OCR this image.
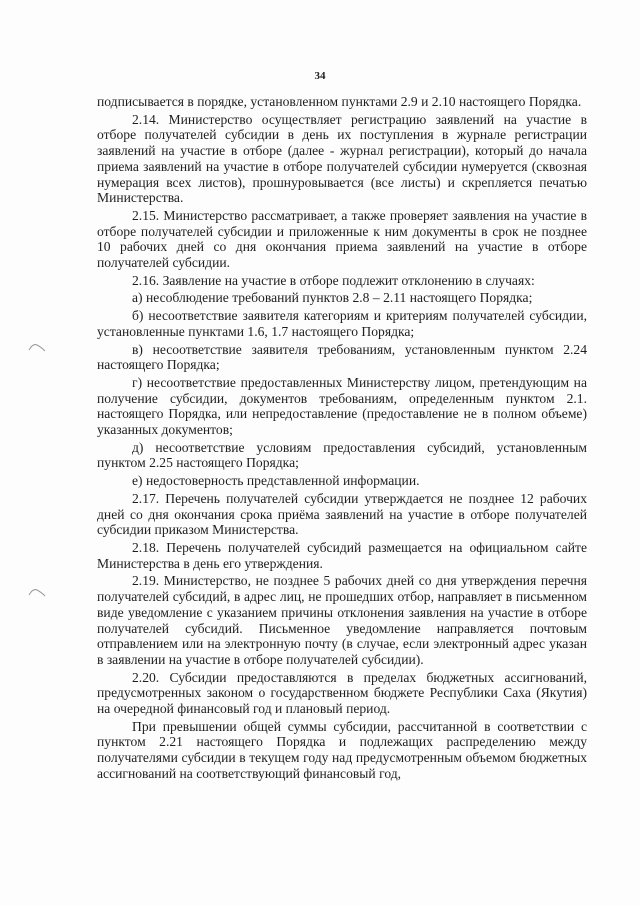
34

подписывается в порядке, установленном пунктами 2.9 и 2.10 настоящего Порядка.

2.14. Министерство осуществляет регистрацию заявлений на участие в отборе получателей субсидии в день их поступления в журнале регистрации заявлений на участие в отборе (далее - журнал регистрации), который до начала приема заявлений на участие в отборе получателей субсидии нумеруется (сквозная нумерация всех листов), прошнуровывается (все листы) и скрепляется печатью Министерства.

2.15. Министерство рассматривает, а также проверяет заявления на участие в отборе получателей субсидии и приложенные к ним документы в срок не позднее 10 рабочих дней со дня окончания приема заявлений на участие в отборе получателей субсидии.

2.16. Заявление на участие в отборе подлежит отклонению в случаях:

а) несоблюдение требований пунктов 2.8 – 2.11 настоящего Порядка;

б) несоответствие заявителя категориям и критериям получателей субсидии, установленные пунктами 1.6, 1.7 настоящего Порядка;

в) несоответствие заявителя требованиям, установленным пунктом 2.24 настоящего Порядка;

г) несоответствие предоставленных Министерству лицом, претендующим на получение субсидии, документов требованиям, определенным пунктом 2.1. настоящего Порядка, или непредоставление (предоставление не в полном объеме) указанных документов;

д) несоответствие условиям предоставления субсидий, установленным пунктом 2.25 настоящего Порядка;

е) недостоверность представленной информации.

2.17. Перечень получателей субсидии утверждается не позднее 12 рабочих дней со дня окончания срока приёма заявлений на участие в отборе получателей субсидии приказом Министерства.

2.18. Перечень получателей субсидий размещается на официальном сайте Министерства в день его утверждения.

2.19. Министерство, не позднее 5 рабочих дней со дня утверждения перечня получателей субсидий, в адрес лиц, не прошедших отбор, направляет в письменном виде уведомление с указанием причины отклонения заявления на участие в отборе получателей субсидий. Письменное уведомление направляется почтовым отправлением или на электронную почту (в случае, если электронный адрес указан в заявлении на участие в отборе получателей субсидии).

2.20. Субсидии предоставляются в пределах бюджетных ассигнований, предусмотренных законом о государственном бюджете Республики Саха (Якутия) на очередной финансовый год и плановый период.

При превышении общей суммы субсидии, рассчитанной в соответствии с пунктом 2.21 настоящего Порядка и подлежащих распределению между получателями субсидии в текущем году над предусмотренным объемом бюджетных ассигнований на соответствующий финансовый год,
